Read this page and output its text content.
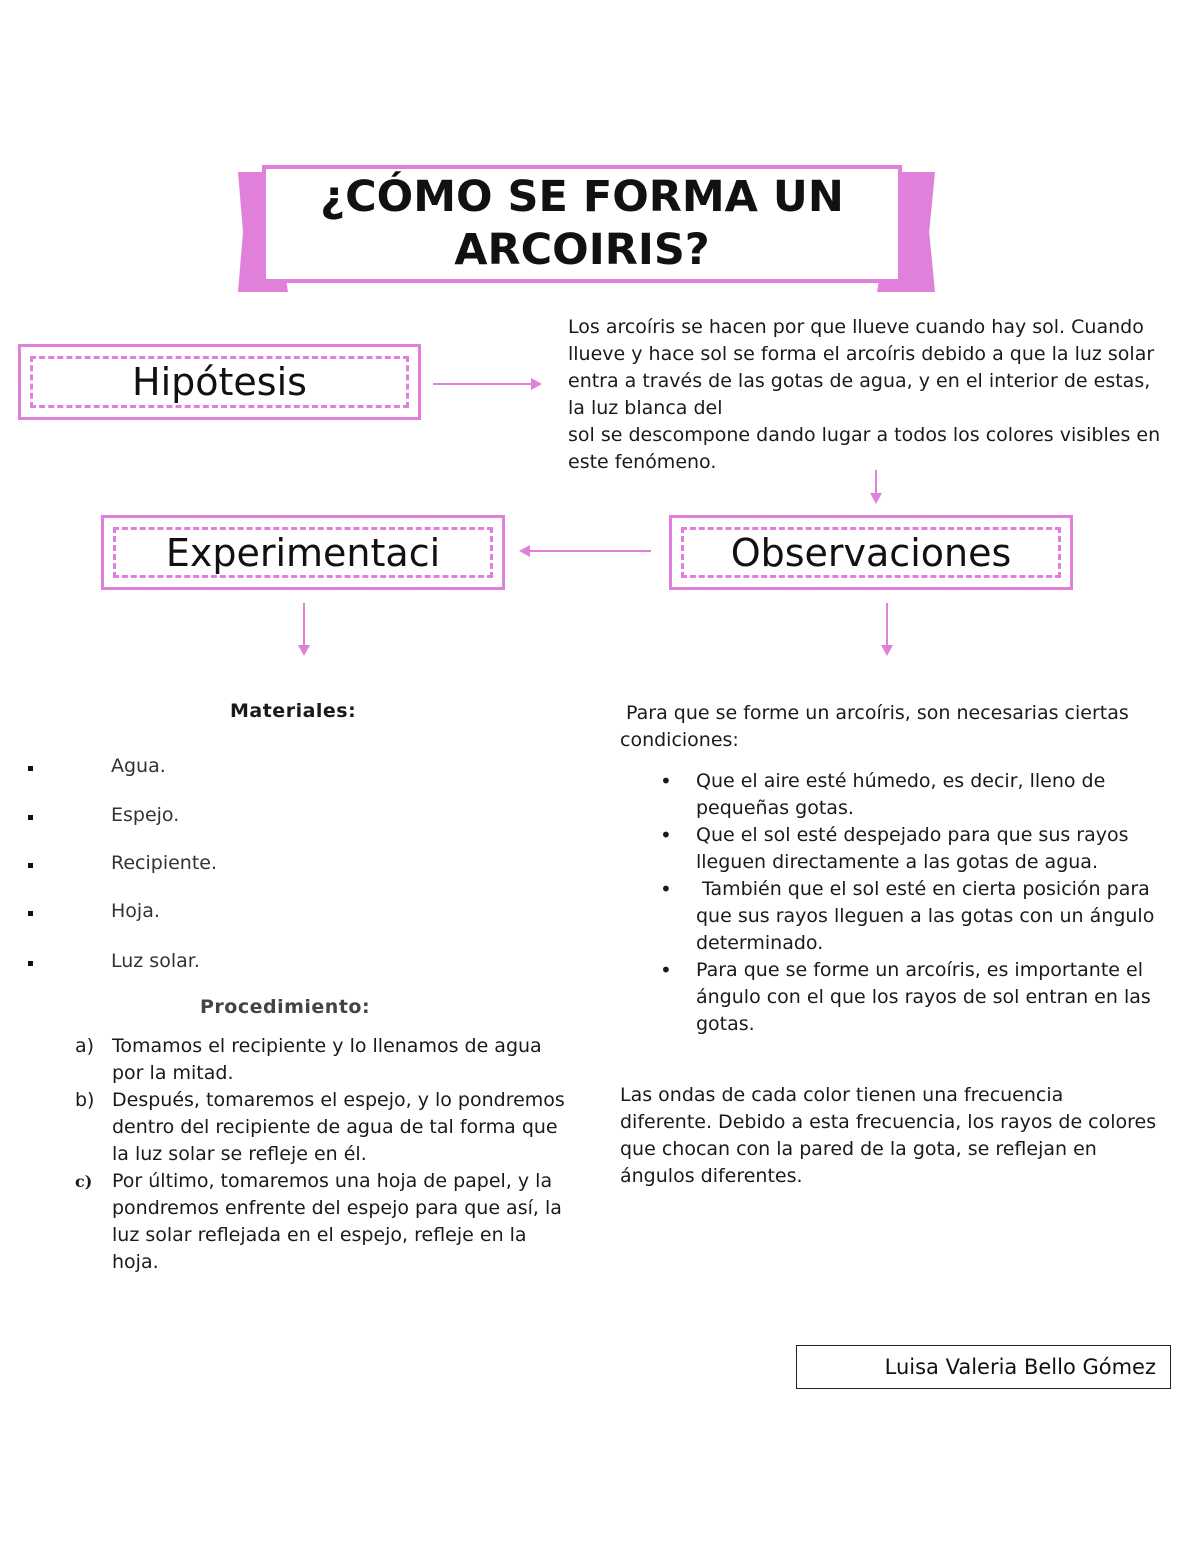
¿CÓMO SE FORMA UN
ARCOIRIS?
Hipótesis
Los arcoíris se hacen por que llueve cuando hay sol. Cuando llueve y hace sol se forma el arcoíris debido a que la luz solar entra a través de las gotas de agua, y en el interior de estas, la luz blanca del
sol se descompone dando lugar a todos los colores visibles en este fenómeno.
Experimentaci	Observaciones
Materiales:
Agua.
Espejo.
Recipiente.
Hoja.
Luz solar.
Procedimiento:
a) Tomamos el recipiente y lo llenamos de agua por la mitad.
b) Después, tomaremos el espejo, y lo pondremos dentro del recipiente de agua de tal forma que la luz solar se refleje en él.
c) Por último, tomaremos una hoja de papel, y la pondremos enfrente del espejo para que así, la luz solar reflejada en el espejo, refleje en la hoja.
Para que se forme un arcoíris, son necesarias ciertas condiciones:
• Que el aire esté húmedo, es decir, lleno de pequeñas gotas.
• Que el sol esté despejado para que sus rayos lleguen directamente a las gotas de agua.
• También que el sol esté en cierta posición para que sus rayos lleguen a las gotas con un ángulo determinado.
• Para que se forme un arcoíris, es importante el ángulo con el que los rayos de sol entran en las gotas.
Las ondas de cada color tienen una frecuencia diferente. Debido a esta frecuencia, los rayos de colores que chocan con la pared de la gota, se reflejan en ángulos diferentes.
Luisa Valeria Bello Gómez
